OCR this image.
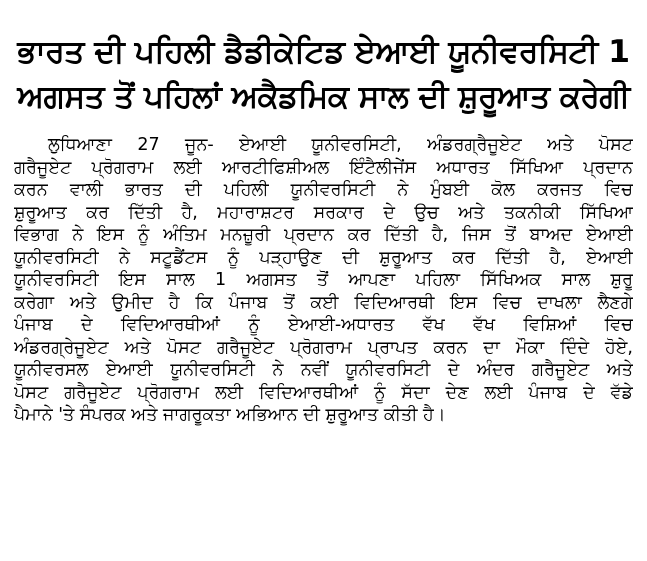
ਭਾਰਤ ਦੀ ਪਹਿਲੀ ਡੈਡੀਕੇਟਿਡ ਏਆਈ ਯੂਨੀਵਰਸਿਟੀ 1
ਅਗਸਤ ਤੋਂ ਪਹਿਲਾਂ ਅਕੈਡਮਿਕ ਸਾਲ ਦੀ ਸ਼ੁਰੂਆਤ ਕਰੇਗੀ
ਲੁਧਿਆਣਾ 27 ਜੂਨ- ਏਆਈ ਯੂਨੀਵਰਸਿਟੀ, ਅੰਡਰਗ੍ਰੈਜੂਏਟ ਅਤੇ ਪੋਸਟ
ਗਰੈਜੂਏਟ ਪ੍ਰੋਗਰਾਮ ਲਈ ਆਰਟੀਫਿਸ਼ੀਅਲ ਇੰਟੈਲੀਜੇਂਸ ਅਧਾਰਤ ਸਿੱਖਿਆ ਪ੍ਰਦਾਨ
ਕਰਨ ਵਾਲੀ ਭਾਰਤ ਦੀ ਪਹਿਲੀ ਯੂਨੀਵਰਸਿਟੀ ਨੇ ਮੁੰਬਈ ਕੋਲ ਕਰਜਤ ਵਿਚ
ਸ਼ੁਰੂਆਤ ਕਰ ਦਿੱਤੀ ਹੈ, ਮਹਾਰਾਸ਼ਟਰ ਸਰਕਾਰ ਦੇ ਉਚ ਅਤੇ ਤਕਨੀਕੀ ਸਿੱਖਿਆ
ਵਿਭਾਗ ਨੇ ਇਸ ਨੂੰ ਅੰਤਿਮ ਮਨਜ਼ੂਰੀ ਪ੍ਰਦਾਨ ਕਰ ਦਿੱਤੀ ਹੈ, ਜਿਸ ਤੋਂ ਬਾਅਦ ਏਆਈ
ਯੂਨੀਵਰਸਿਟੀ ਨੇ ਸਟੂਡੈਂਟਸ ਨੂੰ ਪੜ੍ਹਾਉਣ ਦੀ ਸ਼ੁਰੂਆਤ ਕਰ ਦਿੱਤੀ ਹੈ, ਏਆਈ
ਯੂਨੀਵਰਸਿਟੀ ਇਸ ਸਾਲ 1 ਅਗਸਤ ਤੋਂ ਆਪਣਾ ਪਹਿਲਾ ਸਿੱਖਿਅਕ ਸਾਲ ਸ਼ੁਰੂ
ਕਰੇਗਾ ਅਤੇ ਉਮੀਦ ਹੈ ਕਿ ਪੰਜਾਬ ਤੋਂ ਕਈ ਵਿਦਿਆਰਥੀ ਇਸ ਵਿਚ ਦਾਖਲਾ ਲੈਣਗੇ
ਪੰਜਾਬ ਦੇ ਵਿਦਿਆਰਥੀਆਂ ਨੂੰ ਏਆਈ-ਅਧਾਰਤ ਵੱਖ ਵੱਖ ਵਿਸ਼ਿਆਂ ਵਿਚ
ਅੰਡਰਗ੍ਰੇਜੂਏਟ ਅਤੇ ਪੋਸਟ ਗਰੈਜੂਏਟ ਪ੍ਰੋਗਰਾਮ ਪ੍ਰਾਪਤ ਕਰਨ ਦਾ ਮੌਕਾ ਦਿੰਦੇ ਹੋਏ,
ਯੂਨੀਵਰਸਲ ਏਆਈ ਯੂਨੀਵਰਸਿਟੀ ਨੇ ਨਵੀਂ ਯੂਨੀਵਰਸਿਟੀ ਦੇ ਅੰਦਰ ਗਰੈਜੂਏਟ ਅਤੇ
ਪੋਸਟ ਗਰੈਜੂਏਟ ਪ੍ਰੋਗਰਾਮ ਲਈ ਵਿਦਿਆਰਥੀਆਂ ਨੂੰ ਸੱਦਾ ਦੇਣ ਲਈ ਪੰਜਾਬ ਦੇ ਵੱਡੇ
ਪੈਮਾਨੇ 'ਤੇ ਸੰਪਰਕ ਅਤੇ ਜਾਗਰੂਕਤਾ ਅਭਿਆਨ ਦੀ ਸ਼ੁਰੂਆਤ ਕੀਤੀ ਹੈ।
